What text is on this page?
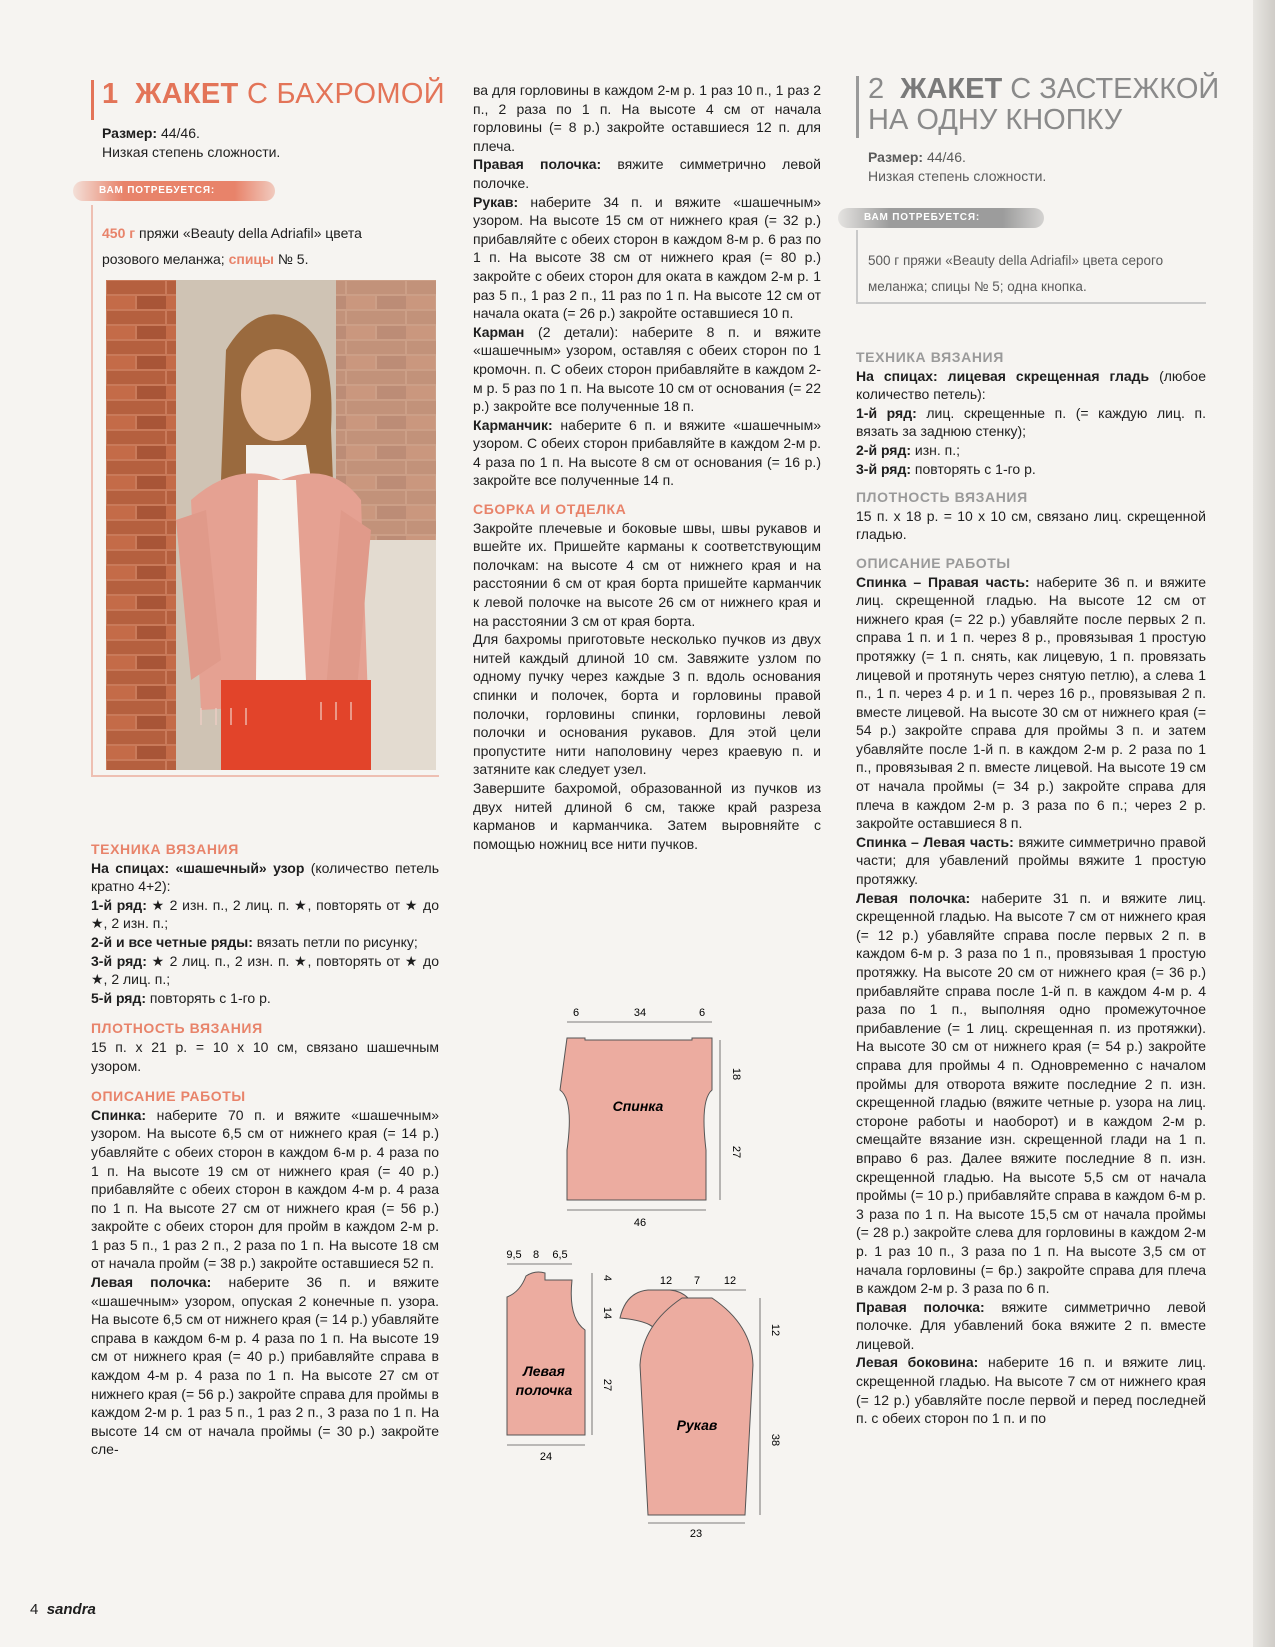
1 ЖАКЕТ С БАХРОМОЙ
Размер: 44/46.
Низкая степень сложности.
ВАМ ПОТРЕБУЕТСЯ:
450 г пряжи «Beauty della Adriafil» цвета
розового меланжа; спицы № 5.
ТЕХНИКА ВЯЗАНИЯ

На спицах: «шашечный» узор (количество петель кратно 4+2):

1-й ряд: ★ 2 изн. п., 2 лиц. п. ★, повторять от ★ до ★, 2 изн. п.;

2-й и все четные ряды: вязать петли по рисунку;

3-й ряд: ★ 2 лиц. п., 2 изн. п. ★, повторять от ★ до ★, 2 лиц. п.;

5-й ряд: повторять с 1-го р.

ПЛОТНОСТЬ ВЯЗАНИЯ

15 п. x 21 р. = 10 x 10 см, связано шашечным узором.

ОПИСАНИЕ РАБОТЫ

Спинка: наберите 70 п. и вяжите «шашечным» узором. На высоте 6,5 см от нижнего края (= 14 р.) убавляйте с обеих сторон в каждом 6-м р. 4 раза по 1 п. На высоте 19 см от нижнего края (= 40 р.) прибавляйте с обеих сторон в каждом 4-м р. 4 раза по 1 п. На высоте 27 см от нижнего края (= 56 р.) закройте с обеих сторон для пройм в каждом 2-м р. 1 раз 5 п., 1 раз 2 п., 2 раза по 1 п. На высоте 18 см от начала пройм (= 38 р.) закройте оставшиеся 52 п.

Левая полочка: наберите 36 п. и вяжите «шашечным» узором, опуская 2 конечные п. узора. На высоте 6,5 см от нижнего края (= 14 р.) убавляйте справа в каждом 6-м р. 4 раза по 1 п. На высоте 19 см от нижнего края (= 40 р.) прибавляйте справа в каждом 4-м р. 4 раза по 1 п. На высоте 27 см от нижнего края (= 56 р.) закройте справа для проймы в каждом 2-м р. 1 раз 5 п., 1 раз 2 п., 3 раза по 1 п. На высоте 14 см от начала проймы (= 30 р.) закройте сле-

ва для горловины в каждом 2-м р. 1 раз 10 п., 1 раз 2 п., 2 раза по 1 п. На высоте 4 см от начала горловины (= 8 р.) закройте оставшиеся 12 п. для плеча.

Правая полочка: вяжите симметрично левой полочке.

Рукав: наберите 34 п. и вяжите «шашечным» узором. На высоте 15 см от нижнего края (= 32 р.) прибавляйте с обеих сторон в каждом 8-м р. 6 раз по 1 п. На высоте 38 см от нижнего края (= 80 р.) закройте с обеих сторон для оката в каждом 2-м р. 1 раз 5 п., 1 раз 2 п., 11 раз по 1 п. На высоте 12 см от начала оката (= 26 р.) закройте оставшиеся 10 п.

Карман (2 детали): наберите 8 п. и вяжите «шашечным» узором, оставляя с обеих сторон по 1 кромочн. п. С обеих сторон прибавляйте в каждом 2-м р. 5 раз по 1 п. На высоте 10 см от основания (= 22 р.) закройте все полученные 18 п.

Карманчик: наберите 6 п. и вяжите «шашечным» узором. С обеих сторон прибавляйте в каждом 2-м р. 4 раза по 1 п. На высоте 8 см от основания (= 16 р.) закройте все полученные 14 п.

СБОРКА И ОТДЕЛКА

Закройте плечевые и боковые швы, швы рукавов и вшейте их. Пришейте карманы к соответствующим полочкам: на высоте 4 см от нижнего края и на расстоянии 6 см от края борта пришейте карманчик к левой полочке на высоте 26 см от нижнего края и на расстоянии 3 см от края борта.

Для бахромы приготовьте несколько пучков из двух нитей каждый длиной 10 см. Завяжите узлом по одному пучку через каждые 3 п. вдоль основания спинки и полочек, борта и горловины правой полочки, горловины спинки, горловины левой полочки и основания рукавов. Для этой цели пропустите нити наполовину через краевую п. и затяните как следует узел.

Завершите бахромой, образованной из пучков из двух нитей длиной 6 см, также край разреза карманов и карманчика. Затем выровняйте с помощью ножниц все нити пучков.

6	34	6
18
27
46
Спинка
9,5 8 6,5
4
14
27
24
Левая
полочка
12 7 12
12
38
23
Рукав
2 ЖАКЕТ С ЗАСТЕЖКОЙ
НА ОДНУ КНОПКУ
Размер: 44/46.
Низкая степень сложности.
ВАМ ПОТРЕБУЕТСЯ:
500 г пряжи «Beauty della Adriafil» цвета серого
меланжа; спицы № 5; одна кнопка.
ТЕХНИКА ВЯЗАНИЯ

На спицах: лицевая скрещенная гладь (любое количество петель):

1-й ряд: лиц. скрещенные п. (= каждую лиц. п. вязать за заднюю стенку);

2-й ряд: изн. п.;

3-й ряд: повторять с 1-го р.

ПЛОТНОСТЬ ВЯЗАНИЯ

15 п. x 18 р. = 10 x 10 см, связано лиц. скрещенной гладью.

ОПИСАНИЕ РАБОТЫ

Спинка – Правая часть: наберите 36 п. и вяжите лиц. скрещенной гладью. На высоте 12 см от нижнего края (= 22 р.) убавляйте после первых 2 п. справа 1 п. и 1 п. через 8 р., провязывая 1 простую протяжку (= 1 п. снять, как лицевую, 1 п. провязать лицевой и протянуть через снятую петлю), а слева 1 п., 1 п. через 4 р. и 1 п. через 16 р., провязывая 2 п. вместе лицевой. На высоте 30 см от нижнего края (= 54 р.) закройте справа для проймы 3 п. и затем убавляйте после 1-й п. в каждом 2-м р. 2 раза по 1 п., провязывая 2 п. вместе лицевой. На высоте 19 см от начала проймы (= 34 р.) закройте справа для плеча в каждом 2-м р. 3 раза по 6 п.; через 2 р. закройте оставшиеся 8 п.

Спинка – Левая часть: вяжите симметрично правой части; для убавлений проймы вяжите 1 простую протяжку.

Левая полочка: наберите 31 п. и вяжите лиц. скрещенной гладью. На высоте 7 см от нижнего края (= 12 р.) убавляйте справа после первых 2 п. в каждом 6-м р. 3 раза по 1 п., провязывая 1 простую протяжку. На высоте 20 см от нижнего края (= 36 р.) прибавляйте справа после 1-й п. в каждом 4-м р. 4 раза по 1 п., выполняя одно промежуточное прибавление (= 1 лиц. скрещенная п. из протяжки). На высоте 30 см от нижнего края (= 54 р.) закройте справа для проймы 4 п. Одновременно с началом проймы для отворота вяжите последние 2 п. изн. скрещенной гладью (вяжите четные р. узора на лиц. стороне работы и наоборот) и в каждом 2-м р. смещайте вязание изн. скрещенной глади на 1 п. вправо 6 раз. Далее вяжите последние 8 п. изн. скрещенной гладью. На высоте 5,5 см от начала проймы (= 10 р.) прибавляйте справа в каждом 6-м р. 3 раза по 1 п. На высоте 15,5 см от начала проймы (= 28 р.) закройте слева для горловины в каждом 2-м р. 1 раз 10 п., 3 раза по 1 п. На высоте 3,5 см от начала горловины (= 6р.) закройте справа для плеча в каждом 2-м р. 3 раза по 6 п.

Правая полочка: вяжите симметрично левой полочке. Для убавлений бока вяжите 2 п. вместе лицевой.

Левая боковина: наберите 16 п. и вяжите лиц. скрещенной гладью. На высоте 7 см от нижнего края (= 12 р.) убавляйте после первой и перед последней п. с обеих сторон по 1 п. и по

4 sandra
